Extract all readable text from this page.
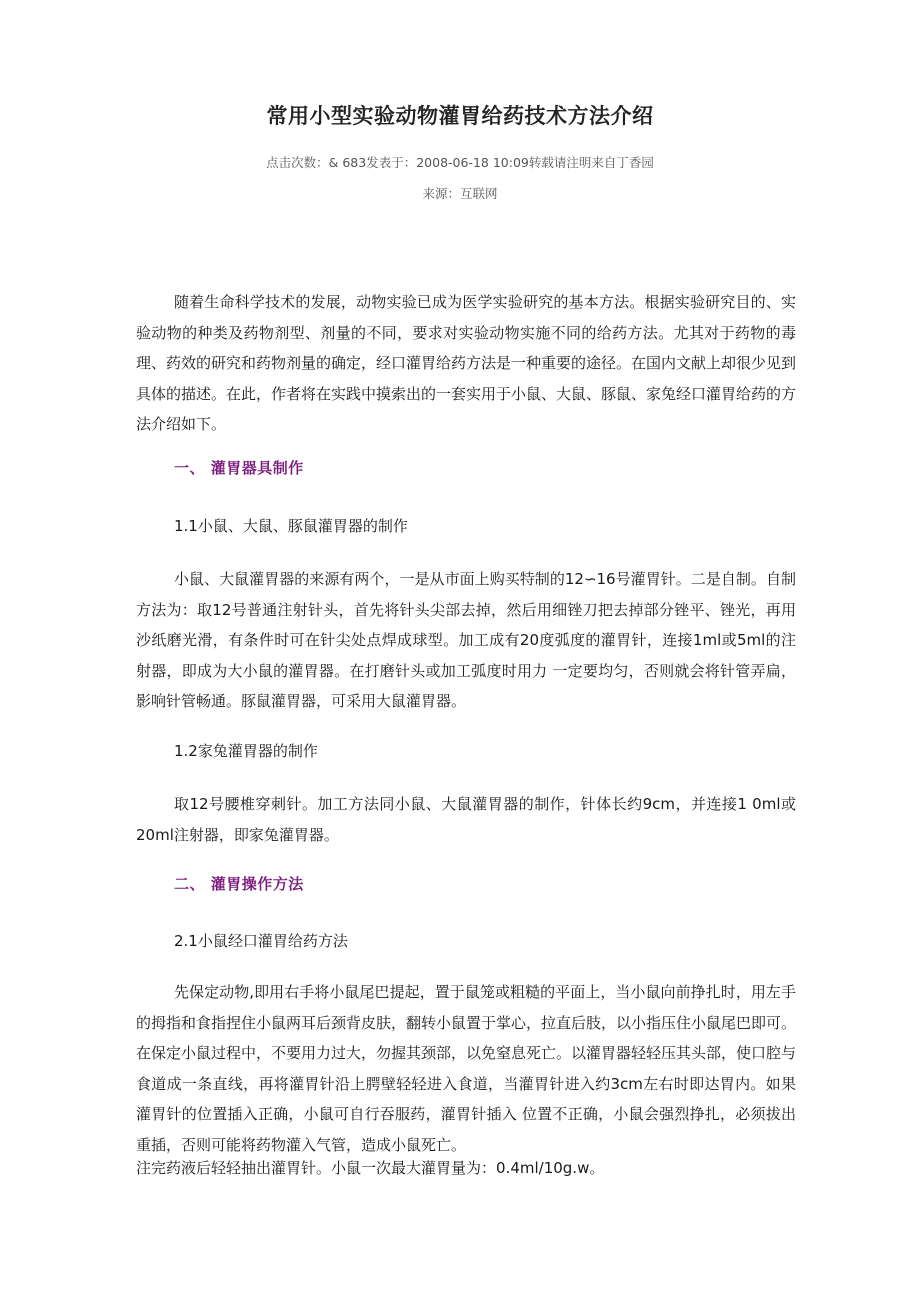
常用小型实验动物灌胃给药技术方法介绍
点击次数：& 683发表于：2008-06-18 10:09转载请注明来自丁香园
来源：互联网
随着生命科学技术的发展，动物实验已成为医学实验研究的基本方法。根据实验研究目的、实验动物的种类及药物剂型、剂量的不同，要求对实验动物实施不同的给药方法。尤其对于药物的毒理、药效的研究和药物剂量的确定，经口灌胃给药方法是一种重要的途径。在国内文献上却很少见到具体的描述。在此，作者将在实践中摸索出的一套实用于小鼠、大鼠、豚鼠、家兔经口灌胃给药的方法介绍如下。
一、 灌胃器具制作
1.1小鼠、大鼠、豚鼠灌胃器的制作
小鼠、大鼠灌胃器的来源有两个，一是从市面上购买特制的12∽16号灌胃针。二是自制。自制方法为：取12号普通注射针头，首先将针头尖部去掉，然后用细锉刀把去掉部分锉平、锉光，再用沙纸磨光滑，有条件时可在针尖处点焊成球型。加工成有20度弧度的灌胃针，连接1ml或5ml的注射器，即成为大小鼠的灌胃器。在打磨针头或加工弧度时用力 一定要均匀，否则就会将针管弄扁，影响针管畅通。豚鼠灌胃器，可采用大鼠灌胃器。
1.2家兔灌胃器的制作
取12号腰椎穿刺针。加工方法同小鼠、大鼠灌胃器的制作，针体长约9cm，并连接1 0ml或20ml注射器，即家兔灌胃器。
二、 灌胃操作方法
2.1小鼠经口灌胃给药方法
先保定动物,即用右手将小鼠尾巴提起，置于鼠笼或粗糙的平面上，当小鼠向前挣扎时，用左手的拇指和食指捏住小鼠两耳后颈背皮肤，翻转小鼠置于掌心，拉直后肢，以小指压住小鼠尾巴即可。在保定小鼠过程中，不要用力过大，勿握其颈部，以免窒息死亡。以灌胃器轻轻压其头部，使口腔与食道成一条直线，再将灌胃针沿上腭壁轻轻进入食道，当灌胃针进入约3cm左右时即达胃内。如果灌胃针的位置插入正确，小鼠可自行吞服药，灌胃针插入 位置不正确，小鼠会强烈挣扎，必须拔出重插，否则可能将药物灌入气管，造成小鼠死亡。
注完药液后轻轻抽出灌胃针。小鼠一次最大灌胃量为：0.4ml/10g.w。
